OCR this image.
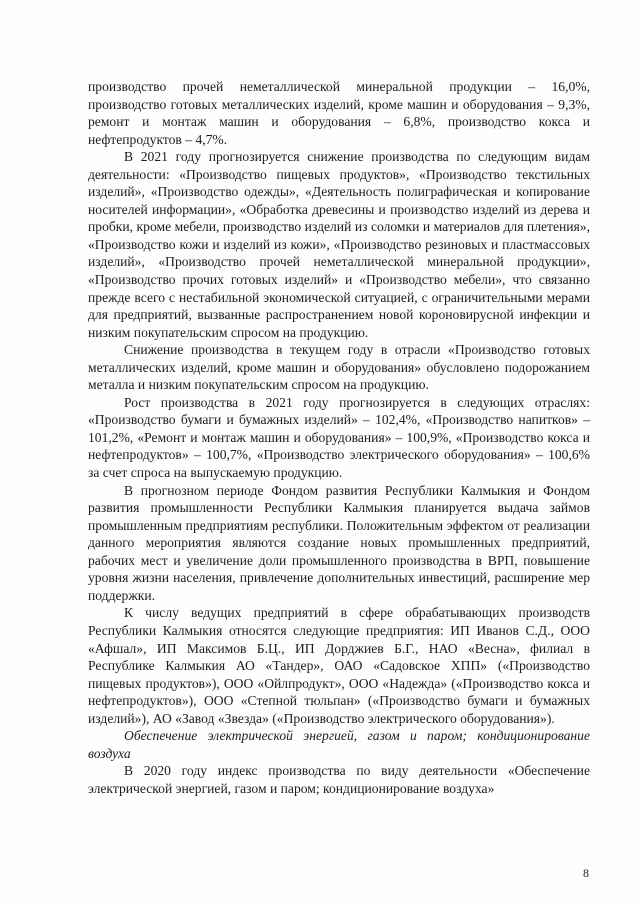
производство прочей неметаллической минеральной продукции – 16,0%, производство готовых металлических изделий, кроме машин и оборудования – 9,3%, ремонт и монтаж машин и оборудования – 6,8%, производство кокса и нефтепродуктов – 4,7%.

В 2021 году прогнозируется снижение производства по следующим видам деятельности: «Производство пищевых продуктов», «Производство текстильных изделий», «Производство одежды», «Деятельность полиграфическая и копирование носителей информации», «Обработка древесины и производство изделий из дерева и пробки, кроме мебели, производство изделий из соломки и материалов для плетения», «Производство кожи и изделий из кожи», «Производство резиновых и пластмассовых изделий», «Производство прочей неметаллической минеральной продукции», «Производство прочих готовых изделий» и «Производство мебели», что связанно прежде всего с нестабильной экономической ситуацией, с ограничительными мерами для предприятий, вызванные распространением новой короновирусной инфекции и низким покупательским спросом на продукцию.

Снижение производства в текущем году в отрасли «Производство готовых металлических изделий, кроме машин и оборудования» обусловлено подорожанием металла и низким покупательским спросом на продукцию.

Рост производства в 2021 году прогнозируется в следующих отраслях: «Производство бумаги и бумажных изделий» – 102,4%, «Производство напитков» – 101,2%, «Ремонт и монтаж машин и оборудования» – 100,9%, «Производство кокса и нефтепродуктов» – 100,7%, «Производство электрического оборудования» – 100,6% за счет спроса на выпускаемую продукцию.

В прогнозном периоде Фондом развития Республики Калмыкия и Фондом развития промышленности Республики Калмыкия планируется выдача займов промышленным предприятиям республики. Положительным эффектом от реализации данного мероприятия являются создание новых промышленных предприятий, рабочих мест и увеличение доли промышленного производства в ВРП, повышение уровня жизни населения, привлечение дополнительных инвестиций, расширение мер поддержки.

К числу ведущих предприятий в сфере обрабатывающих производств Республики Калмыкия относятся следующие предприятия: ИП Иванов С.Д., ООО «Афшал», ИП Максимов Б.Ц., ИП Дорджиев Б.Г., НАО «Весна», филиал в Республике Калмыкия АО «Тандер», ОАО «Садовское ХПП» («Производство пищевых продуктов»), ООО «Ойлпродукт», ООО «Надежда» («Производство кокса и нефтепродуктов»), ООО «Степной тюльпан» («Производство бумаги и бумажных изделий»), АО «Завод «Звезда» («Производство электрического оборудования»).

Обеспечение электрической энергией, газом и паром; кондиционирование воздуха

В 2020 году индекс производства по виду деятельности «Обеспечение электрической энергией, газом и паром; кондиционирование воздуха»

8
